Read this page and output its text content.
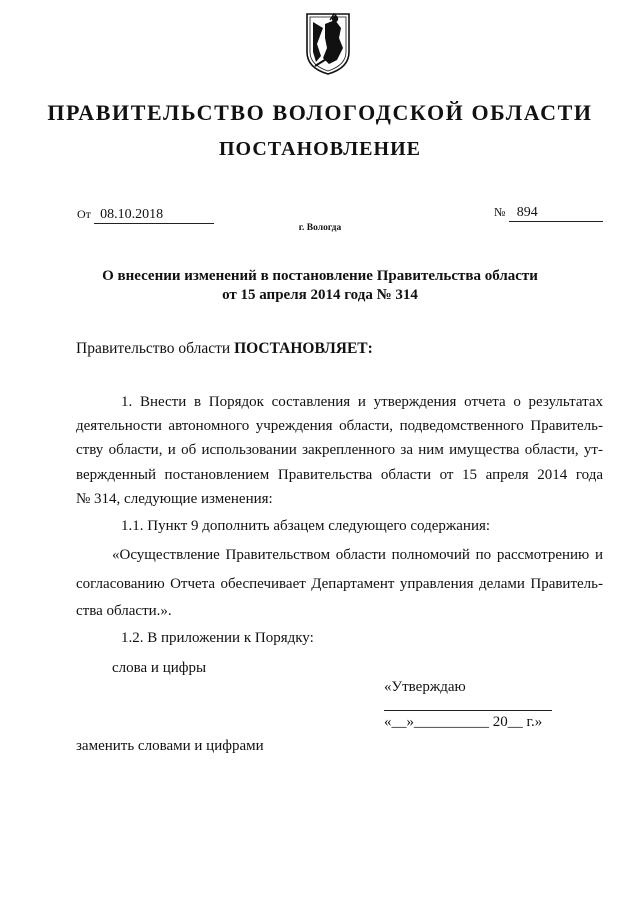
ПРАВИТЕЛЬСТВО ВОЛОГОДСКОЙ ОБЛАСТИ
ПОСТАНОВЛЕНИЕ
От 08.10.2018	№ 894
г. Вологда
О внесении изменений в постановление Правительства области
от 15 апреля 2014 года № 314
Правительство области ПОСТАНОВЛЯЕТ:
1. Внести в Порядок составления и утверждения отчета о результатах
деятельности автономного учреждения области, подведомственного Правитель-
ству области, и об использовании закрепленного за ним имущества области, ут-
вержденный постановлением Правительства области от 15 апреля 2014 года
№ 314, следующие изменения:
1.1. Пункт 9 дополнить абзацем следующего содержания:
«Осуществление Правительством области полномочий по рассмотрению и
согласованию Отчета обеспечивает Департамент управления делами Правитель-
ства области.».
1.2. В приложении к Порядку:
слова и цифры
«Утверждаю
«__»__________ 20__ г.»
заменить словами и цифрами
